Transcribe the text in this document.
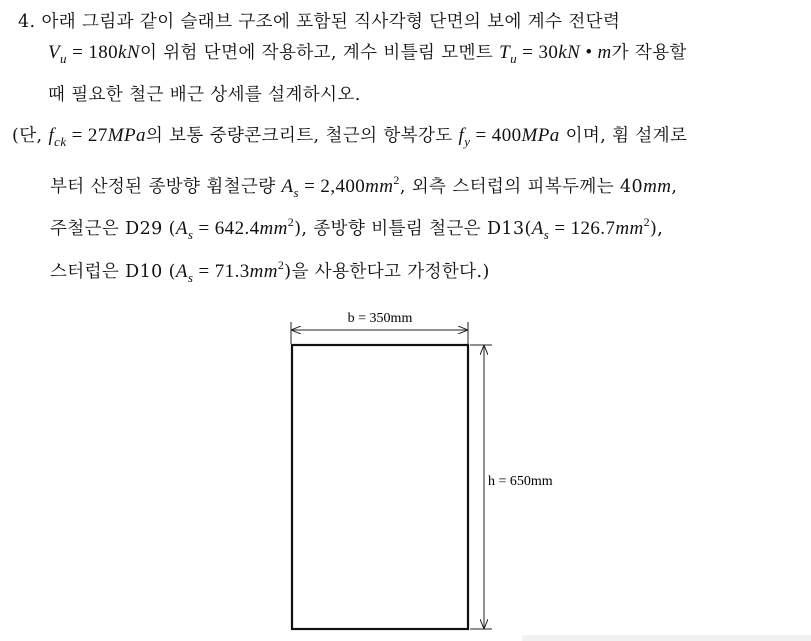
4. 아래 그림과 같이 슬래브 구조에 포함된 직사각형 단면의 보에 계수 전단력
$V_u = 180kN$이 위험 단면에 작용하고, 계수 비틀림 모멘트 $T_u = 30kN$ • m가 작용할
때 필요한 철근 배근 상세를 설계하시오.
(단, $f_{ck} = 27MPa$의 보통 중량콘크리트, 철근의 항복강도 $f_y = 400MPa$ 이며, 휨 설계로
부터 산정된 종방향 휨철근량 $A_s = 2,400mm^2$, 외측 스터럽의 피복두께는 40mm,
주철근은 D29 $(A_s = 642.4mm^2)$, 종방향 비틀림 철근은 $D13(A_s = 126.7mm^2)$,
스터럽은 D10 $(A_s = 71.3mm^2)$을 사용한다고 가정한다.)
b = 350mm
h = 650mm
